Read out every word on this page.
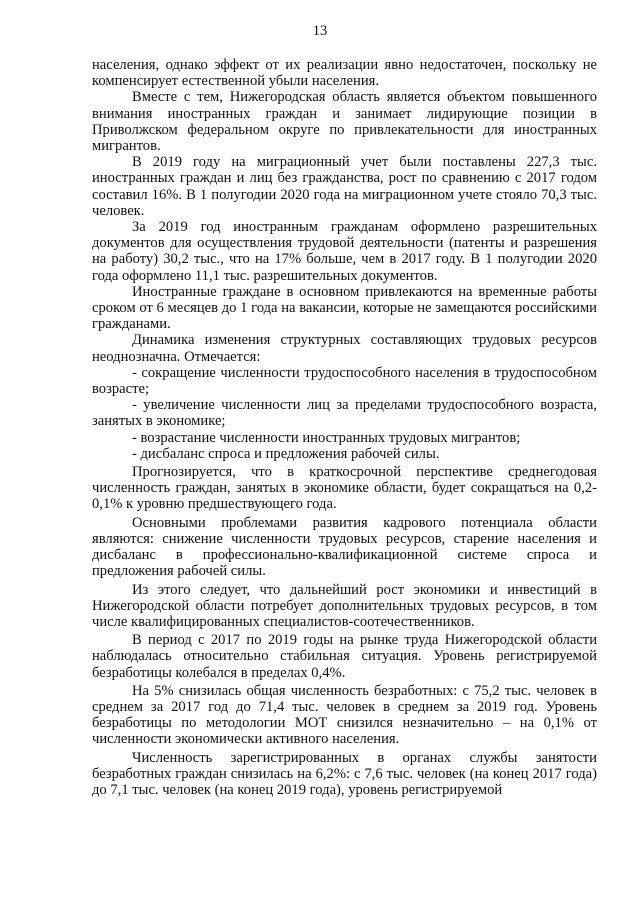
13

населения, однако эффект от их реализации явно недостаточен, поскольку не компенсирует естественной убыли населения.

Вместе с тем, Нижегородская область является объектом повышенного внимания иностранных граждан и занимает лидирующие позиции в Приволжском федеральном округе по привлекательности для иностранных мигрантов.

В 2019 году на миграционный учет были поставлены 227,3 тыс. иностранных граждан и лиц без гражданства, рост по сравнению с 2017 годом составил 16%. В 1 полугодии 2020 года на миграционном учете стояло 70,3 тыс. человек.

За 2019 год иностранным гражданам оформлено разрешительных документов для осуществления трудовой деятельности (патенты и разрешения на работу) 30,2 тыс., что на 17% больше, чем в 2017 году. В 1 полугодии 2020 года оформлено 11,1 тыс. разрешительных документов.

Иностранные граждане в основном привлекаются на временные работы сроком от 6 месяцев до 1 года на вакансии, которые не замещаются российскими гражданами.

Динамика изменения структурных составляющих трудовых ресурсов неоднозначна. Отмечается:

- сокращение численности трудоспособного населения в трудоспособном возрасте;

- увеличение численности лиц за пределами трудоспособного возраста, занятых в экономике;

- возрастание численности иностранных трудовых мигрантов;

- дисбаланс спроса и предложения рабочей силы.

Прогнозируется, что в краткосрочной перспективе среднегодовая численность граждан, занятых в экономике области, будет сокращаться на 0,2-0,1% к уровню предшествующего года.

Основными проблемами развития кадрового потенциала области являются: снижение численности трудовых ресурсов, старение населения и дисбаланс в профессионально-квалификационной системе спроса и предложения рабочей силы.

Из этого следует, что дальнейший рост экономики и инвестиций в Нижегородской области потребует дополнительных трудовых ресурсов, в том числе квалифицированных специалистов-соотечественников.

В период с 2017 по 2019 годы на рынке труда Нижегородской области наблюдалась относительно стабильная ситуация. Уровень регистрируемой безработицы колебался в пределах 0,4%.

На 5% снизилась общая численность безработных: с 75,2 тыс. человек в среднем за 2017 год до 71,4 тыс. человек в среднем за 2019 год. Уровень безработицы по методологии МОТ снизился незначительно – на 0,1% от численности экономически активного населения.

Численность зарегистрированных в органах службы занятости безработных граждан снизилась на 6,2%: с 7,6 тыс. человек (на конец 2017 года) до 7,1 тыс. человек (на конец 2019 года), уровень регистрируемой
